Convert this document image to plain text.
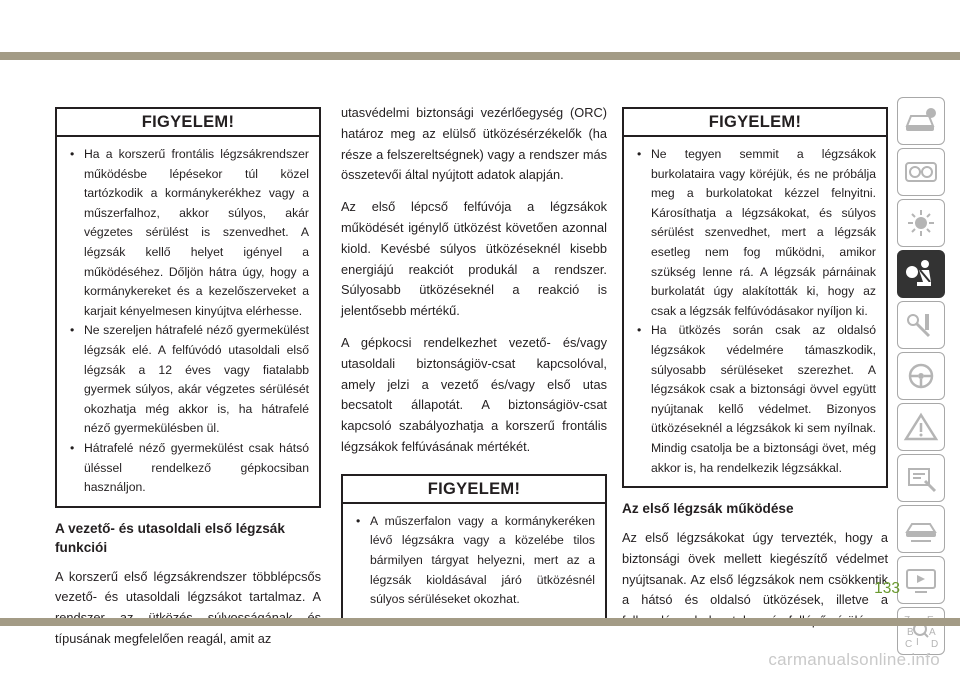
FIGYELEM!
• Ha a korszerű frontális légzsákrendszer működésbe lépésekor túl közel tartózkodik a kormánykerékhez vagy a műszerfalhoz, akkor súlyos, akár végzetes sérülést is szenvedhet. A légzsák kellő helyet igényel a működéséhez. Dőljön hátra úgy, hogy a kormánykereket és a kezelőszerveket a karjait kényelmesen kinyújtva elérhesse.
• Ne szereljen hátrafelé néző gyermekülést légzsák elé. A felfúvódó utasoldali első légzsák a 12 éves vagy fiatalabb gyermek súlyos, akár végzetes sérülését okozhatja még akkor is, ha hátrafelé néző gyermekülésben ül.
• Hátrafelé néző gyermekülést csak hátsó üléssel rendelkező gépkocsiban használjon.
A vezető- és utasoldali első légzsák funkciói

A korszerű első légzsákrendszer többlépcsős vezető- és utasoldali légzsákot tartalmaz. A típusának megfelelően reagál, amit az

utasvédelmi biztonsági vezérlőegység (ORC) határoz meg az elülső ütközésérzékelők (ha része a felszereltségnek) vagy a rendszer más összetevői által nyújtott adatok alapján.

Az első lépcső felfúvója a légzsákok működését igénylő ütközést követően azonnal kiold. Kevésbé súlyos ütközéseknél kisebb energiájú reakciót produkál a rendszer. Súlyosabb ütközéseknél a reakció is jelentősebb mértékű.

A gépkocsi rendelkezhet vezető- és/vagy utasoldali biztonságiöv-csat kapcsolóval, amely jelzi a vezető és/vagy első utas becsatolt állapotát. A biztonságiöv-csat kapcsoló szabályozhatja a korszerű frontális légzsákok felfúvásának mértékét.

FIGYELEM!
• A műszerfalon vagy a kormánykeréken lévő légzsákra vagy a közelébe tilos bármilyen tárgyat helyezni, mert az a légzsák kioldásával járó ütközésnél súlyos sérüléseket okozhat.
FIGYELEM!
• Ne tegyen semmit a légzsákok burkolataira vagy köréjük, és ne próbálja meg a burkolatokat kézzel felnyitni. Károsíthatja a légzsákokat, és súlyos sérülést szenvedhet, mert a légzsák esetleg nem fog működni, amikor szükség lenne rá. A légzsák párnáinak burkolatát úgy alakították ki, hogy az csak a légzsák felfúvódásakor nyíljon ki.
• Ha ütközés során csak az oldalsó légzsákok védelmére támaszkodik, súlyosabb sérüléseket szerezhet. A légzsákok csak a biztonsági övvel együtt nyújtanak kellő védelmet. Bizonyos ütközéseknél a légzsákok ki sem nyílnak. Mindig csatolja be a biztonsági övet, még akkor is, ha rendelkezik légzsákkal.
Az első légzsák működése

Az első légzsákokat úgy tervezték, hogy a biztonsági övek mellett kiegészítő védelmet nyújtsanak. Az első légzsákok nem csökkentik a hátsó és oldalsó ütközések, illetve a

B A
C D
I
133
carmanualsonline.info
